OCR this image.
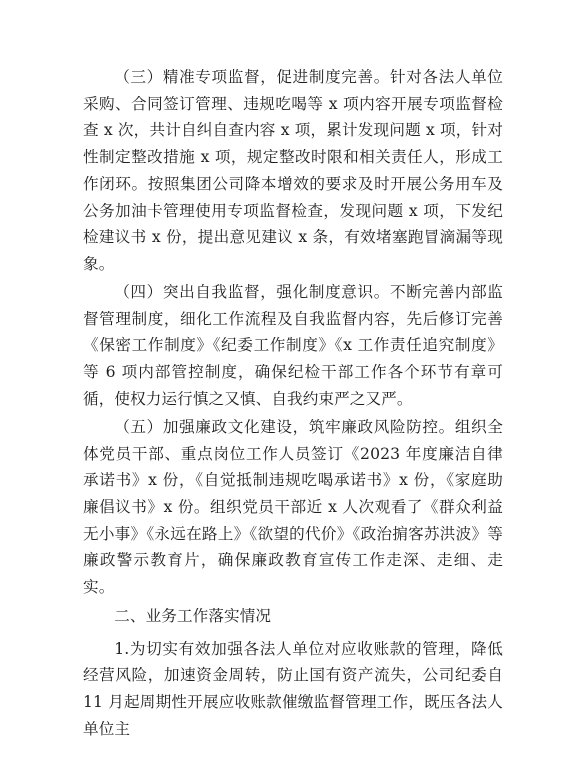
（三）精准专项监督，促进制度完善。针对各法人单位采购、合同签订管理、违规吃喝等 x 项内容开展专项监督检查 x 次，共计自纠自查内容 x 项，累计发现问题 x 项，针对性制定整改措施 x 项，规定整改时限和相关责任人，形成工作闭环。按照集团公司降本增效的要求及时开展公务用车及公务加油卡管理使用专项监督检查，发现问题 x 项，下发纪检建议书 x 份，提出意见建议 x 条，有效堵塞跑冒滴漏等现象。

（四）突出自我监督，强化制度意识。不断完善内部监督管理制度，细化工作流程及自我监督内容，先后修订完善《保密工作制度》《纪委工作制度》《x 工作责任追究制度》等 6 项内部管控制度，确保纪检干部工作各个环节有章可循，使权力运行慎之又慎、自我约束严之又严。

（五）加强廉政文化建设，筑牢廉政风险防控。组织全体党员干部、重点岗位工作人员签订《2023 年度廉洁自律承诺书》x 份，《自觉抵制违规吃喝承诺书》x 份，《家庭助廉倡议书》x 份。组织党员干部近 x 人次观看了《群众利益无小事》《永远在路上》《欲望的代价》《政治掮客苏洪波》等廉政警示教育片，确保廉政教育宣传工作走深、走细、走实。

二、业务工作落实情况

1.为切实有效加强各法人单位对应收账款的管理，降低经营风险，加速资金周转，防止国有资产流失，公司纪委自 11 月起周期性开展应收账款催缴监督管理工作，既压各法人单位主
